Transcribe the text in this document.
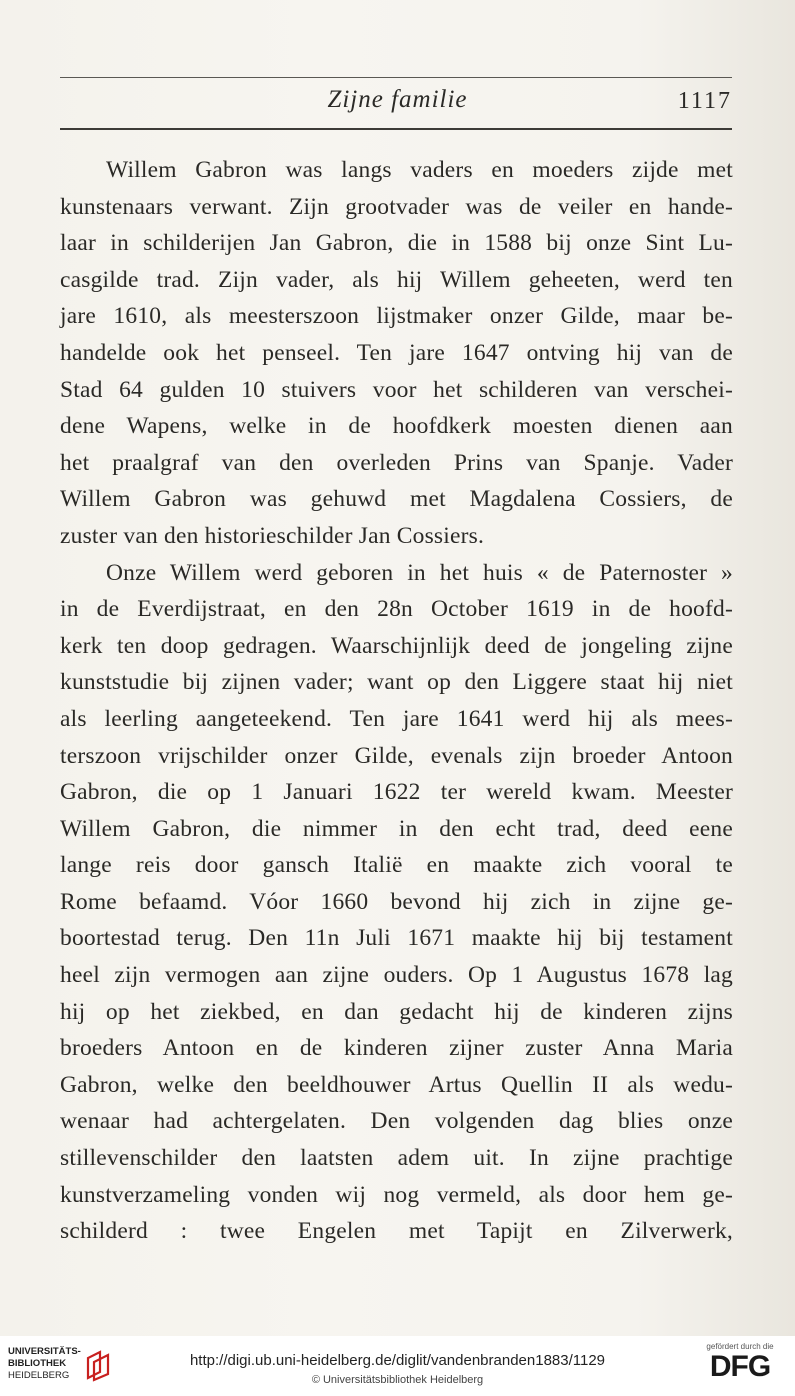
Zijne familie	1117
Willem Gabron was langs vaders en moeders zijde met
kunstenaars verwant. Zijn grootvader was de veiler en hande-
laar in schilderijen Jan Gabron, die in 1588 bij onze Sint Lu-
casgilde trad. Zijn vader, als hij Willem geheeten, werd ten
jare 1610, als meesterszoon lijstmaker onzer Gilde, maar be-
handelde ook het penseel. Ten jare 1647 ontving hij van de
Stad 64 gulden 10 stuivers voor het schilderen van verschei-
dene Wapens, welke in de hoofdkerk moesten dienen aan
het praalgraf van den overleden Prins van Spanje. Vader
Willem Gabron was gehuwd met Magdalena Cossiers, de
zuster van den historieschilder Jan Cossiers.
Onze Willem werd geboren in het huis « de Paternoster »
in de Everdijstraat, en den 28n October 1619 in de hoofd-
kerk ten doop gedragen. Waarschijnlijk deed de jongeling zijne
kunststudie bij zijnen vader; want op den Liggere staat hij niet
als leerling aangeteekend. Ten jare 1641 werd hij als mees-
terszoon vrijschilder onzer Gilde, evenals zijn broeder Antoon
Gabron, die op 1 Januari 1622 ter wereld kwam. Meester
Willem Gabron, die nimmer in den echt trad, deed eene
lange reis door gansch Italië en maakte zich vooral te
Rome befaamd. Vóor 1660 bevond hij zich in zijne ge-
boortestad terug. Den 11n Juli 1671 maakte hij bij testament
heel zijn vermogen aan zijne ouders. Op 1 Augustus 1678 lag
hij op het ziekbed, en dan gedacht hij de kinderen zijns
broeders Antoon en de kinderen zijner zuster Anna Maria
Gabron, welke den beeldhouwer Artus Quellin II als wedu-
wenaar had achtergelaten. Den volgenden dag blies onze
stillevenschilder den laatsten adem uit. In zijne prachtige
kunstverzameling vonden wij nog vermeld, als door hem ge-
schilderd : twee Engelen met Tapijt en Zilverwerk,
UNIVERSITÄTS-
BIBLIOTHEK
HEIDELBERG
http://digi.ub.uni-heidelberg.de/diglit/vandenbranden1883/1129
© Universitätsbibliothek Heidelberg
gefördert durch die
DFG
